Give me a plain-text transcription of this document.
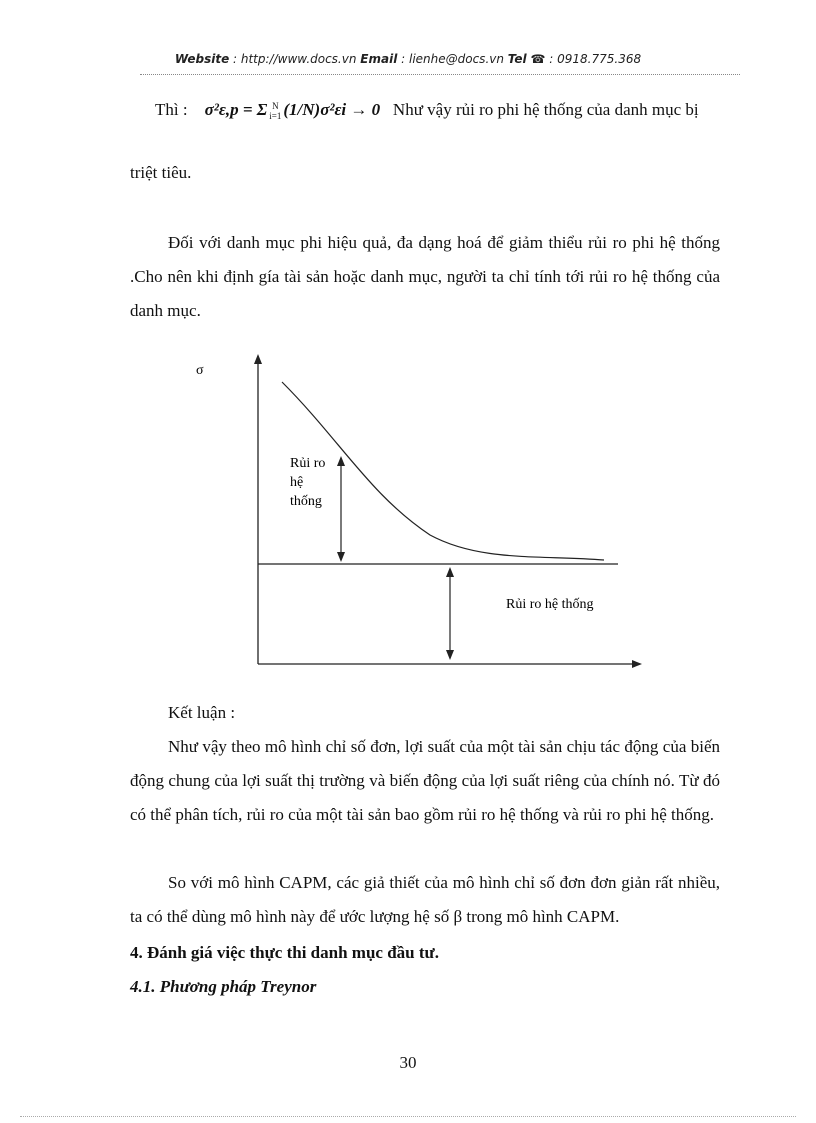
Website : http://www.docs.vn Email : lienhe@docs.vn Tel ☎ : 0918.775.368
Thì : σ²ε,p = Σ N
i=1 (1/N)σ²εi → 0 Như vậy rủi ro phi hệ thống của danh mục bị
triệt tiêu.
Đối với danh mục phi hiệu quả, đa dạng hoá để giảm thiểu rủi ro phi hệ thống .Cho nên khi định gía tài sản hoặc danh mục, người ta chỉ tính tới rủi ro hệ thống của danh mục.
σ
Rủi ro
hệ
thống
Rủi ro hệ thống
Kết luận :
Như vậy theo mô hình chỉ số đơn, lợi suất của một tài sản chịu tác động của biến động chung của lợi suất thị trường và biến động của lợi suất riêng của chính nó. Từ đó có thể phân tích, rủi ro của một tài sản bao gồm rủi ro hệ thống và rủi ro phi hệ thống.
So với mô hình CAPM, các giả thiết của mô hình chỉ số đơn đơn giản rất nhiều, ta có thể dùng mô hình này để ước lượng hệ số β trong mô hình CAPM.
4. Đánh giá việc thực thi danh mục đầu tư.
4.1. Phương pháp Treynor
30
